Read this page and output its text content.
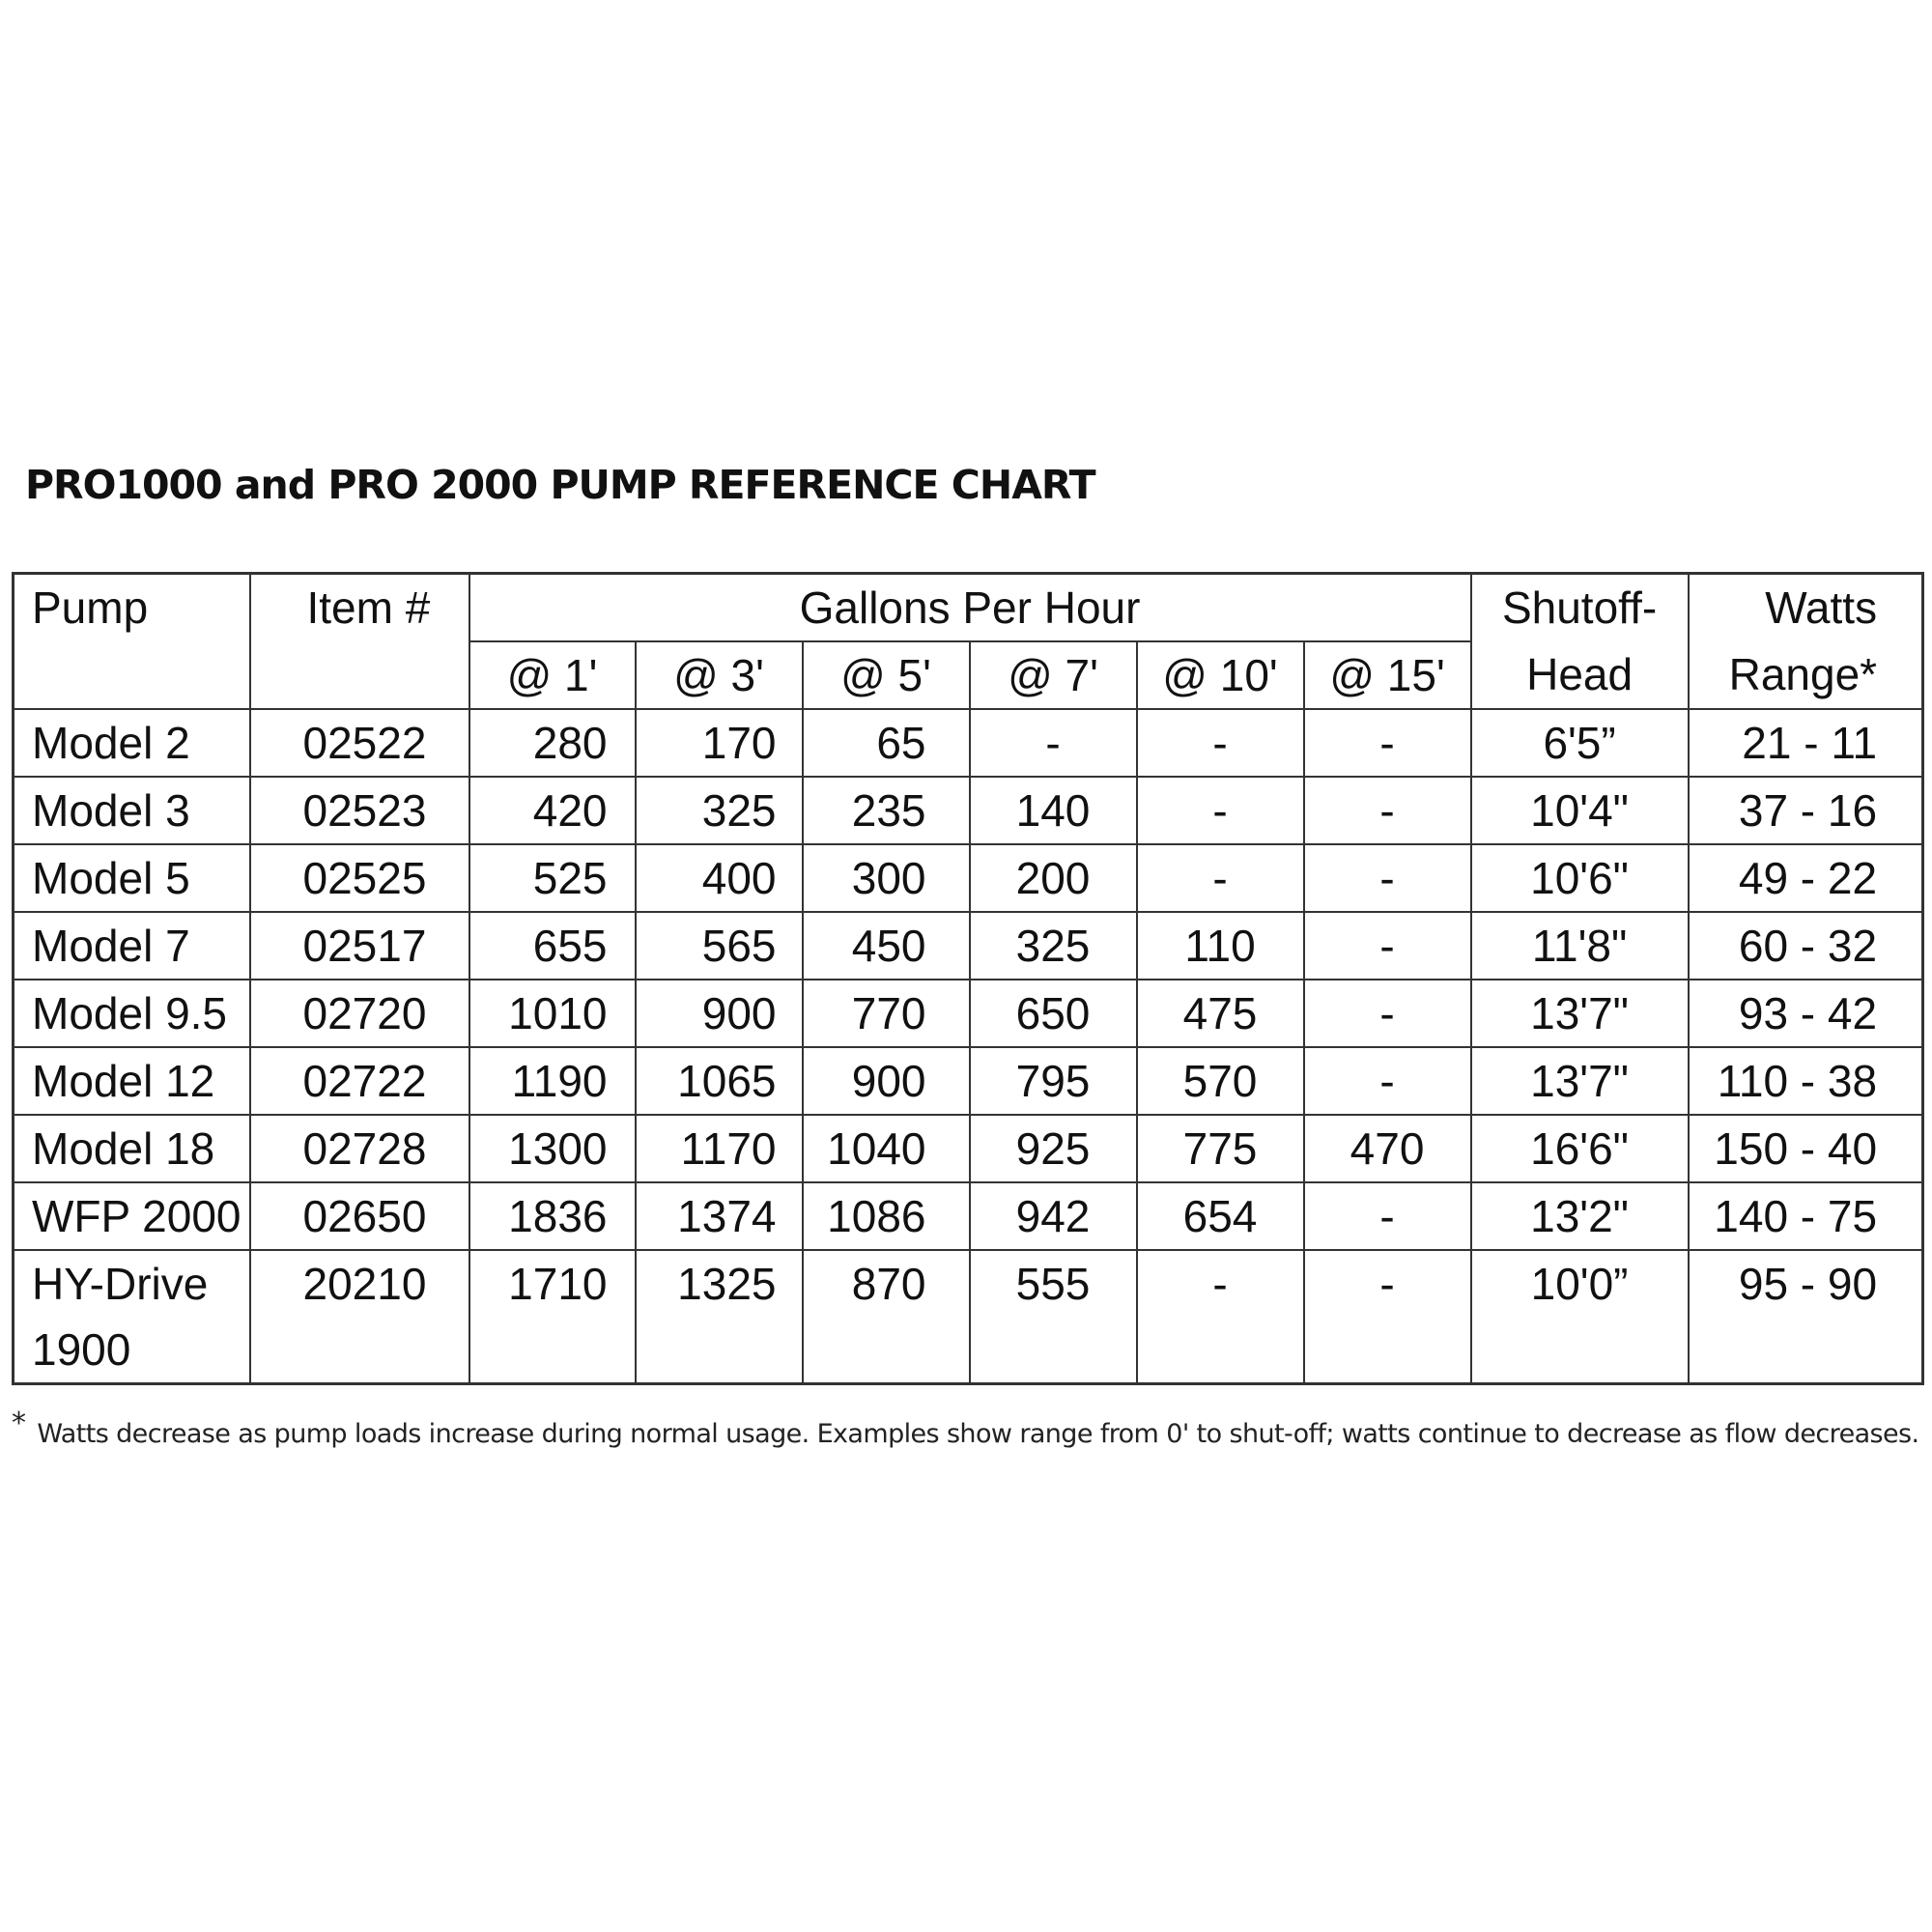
PRO1000 and PRO 2000 PUMP REFERENCE CHART
Pump	Item #	Gallons Per Hour						Shutoff-	Watts
		@ 1'	@ 3'	@ 5'	@ 7'	@ 10'	@ 15'	Head	Range*
Model 2	02522	280	170	65	-	-	-	6'5”	21 - 11
Model 3	02523	420	325	235	140	-	-	10'4"	37 - 16
Model 5	02525	525	400	300	200	-	-	10'6"	49 - 22
Model 7	02517	655	565	450	325	110	-	11'8"	60 - 32
Model 9.5	02720	1010	900	770	650	475	-	13'7"	93 - 42
Model 12	02722	1190	1065	900	795	570	-	13'7"	110 - 38
Model 18	02728	1300	1170	1040	925	775	470	16'6"	150 - 40
WFP 2000	02650	1836	1374	1086	942	654	-	13'2"	140 - 75
HY-Drive 1900	20210	1710	1325	870	555	-	-	10'0”	95 - 90
* Watts decrease as pump loads increase during normal usage. Examples show range from 0' to shut-off; watts continue to decrease as flow decreases.
